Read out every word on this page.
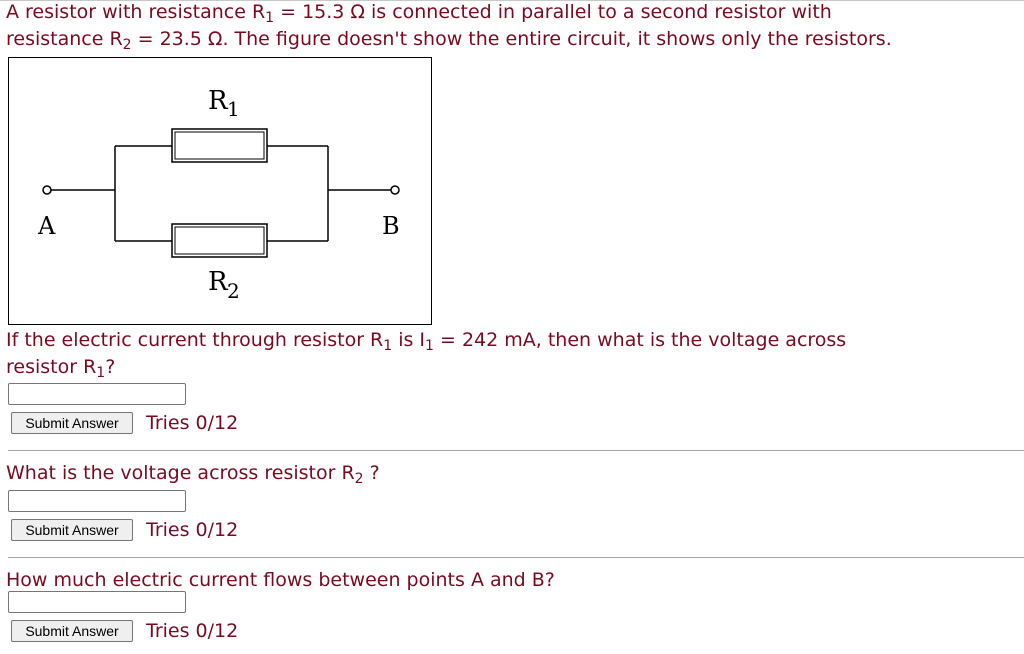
A resistor with resistance $R_1 = 15.3$ Ω is connected in parallel to a second resistor with
resistance $R_2 = 23.5$ Ω. The figure doesn't show the entire circuit, it shows only the resistors.
R 1
R 2
A	B
If the electric current through resistor $R_1$ is $I_1 = 242$ mA, then what is the voltage across
resistor $R_1$?
Submit Answer	Tries 0/12
What is the voltage across resistor $R_2$ ?
Submit Answer	Tries 0/12
How much electric current flows between points A and B?
Submit Answer	Tries 0/12
